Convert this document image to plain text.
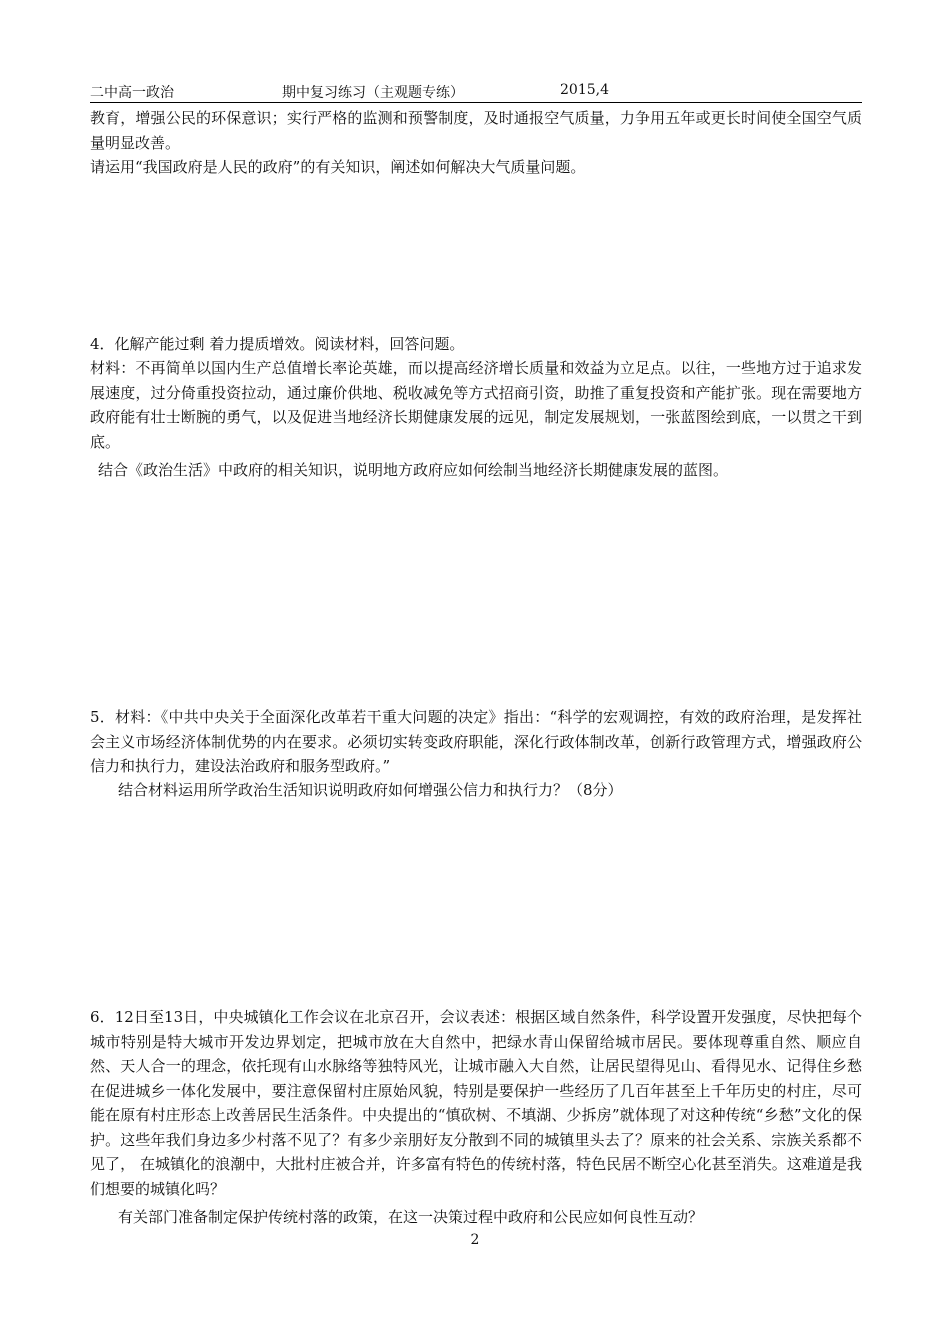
二中高一政治	期中复习练习（主观题专练）	2015,4

教育，增强公民的环保意识；实行严格的监测和预警制度，及时通报空气质量，力争用五年或更长时间使全国空气质量明显改善。

请运用“我国政府是人民的政府”的有关知识，阐述如何解决大气质量问题。

4．化解产能过剩 着力提质增效。阅读材料，回答问题。

材料：不再简单以国内生产总值增长率论英雄，而以提高经济增长质量和效益为立足点。以往，一些地方过于追求发展速度，过分倚重投资拉动，通过廉价供地、税收减免等方式招商引资，助推了重复投资和产能扩张。现在需要地方政府能有壮士断腕的勇气，以及促进当地经济长期健康发展的远见，制定发展规划，一张蓝图绘到底，一以贯之干到底。

结合《政治生活》中政府的相关知识，说明地方政府应如何绘制当地经济长期健康发展的蓝图。

5．材料：《中共中央关于全面深化改革若干重大问题的决定》指出：“科学的宏观调控，有效的政府治理，是发挥社会主义市场经济体制优势的内在要求。必须切实转变政府职能，深化行政体制改革，创新行政管理方式，增强政府公信力和执行力，建设法治政府和服务型政府。”

结合材料运用所学政治生活知识说明政府如何增强公信力和执行力？（8分）

6．12日至13日，中央城镇化工作会议在北京召开，会议表述：根据区域自然条件，科学设置开发强度，尽快把每个城市特别是特大城市开发边界划定，把城市放在大自然中，把绿水青山保留给城市居民。要体现尊重自然、顺应自然、天人合一的理念，依托现有山水脉络等独特风光，让城市融入大自然，让居民望得见山、看得见水、记得住乡愁　在促进城乡一体化发展中，要注意保留村庄原始风貌，特别是要保护一些经历了几百年甚至上千年历史的村庄，尽可能在原有村庄形态上改善居民生活条件。中央提出的“慎砍树、不填湖、少拆房”就体现了对这种传统“乡愁”文化的保护。这些年我们身边多少村落不见了？有多少亲朋好友分散到不同的城镇里头去了？原来的社会关系、宗族关系都不见了， 在城镇化的浪潮中，大批村庄被合并，许多富有特色的传统村落，特色民居不断空心化甚至消失。这难道是我们想要的城镇化吗？

有关部门准备制定保护传统村落的政策，在这一决策过程中政府和公民应如何良性互动？

2
